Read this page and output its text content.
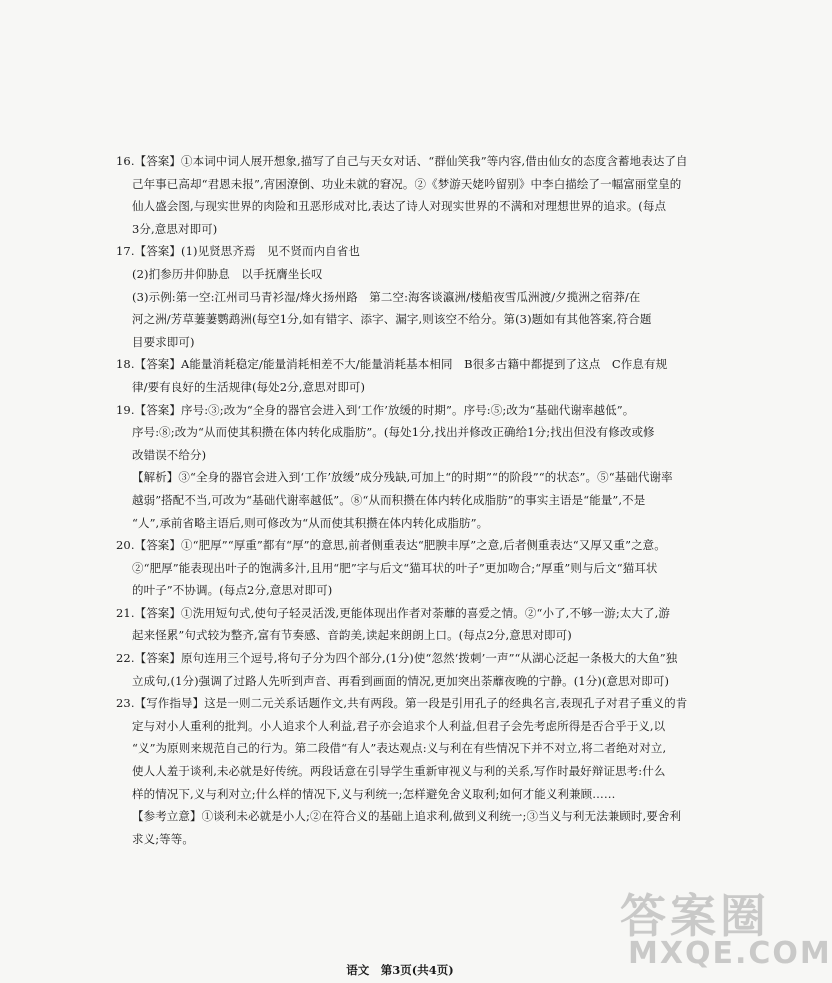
16.【答案】①本词中词人展开想象,描写了自己与天女对话、“群仙笑我”等内容,借由仙女的态度含蓄地表达了自
己年事已高却“君恩未报”,宵困潦倒、功业未就的窘况。②《梦游天姥吟留别》中李白描绘了一幅富丽堂皇的
仙人盛会图,与现实世界的肉险和丑恶形成对比,表达了诗人对现实世界的不满和对理想世界的追求。(每点
3分,意思对即可)
17.【答案】(1)见贤思齐焉　见不贤而内自省也
(2)扪参历井仰胁息　以手抚膺坐长叹
(3)示例:第一空:江州司马青衫湿/烽火扬州路　第二空:海客谈瀛洲/楼船夜雪瓜洲渡/夕揽洲之宿莽/在
河之洲/芳草萋萋鹦鹉洲(每空1分,如有错字、添字、漏字,则该空不给分。第(3)题如有其他答案,符合题
目要求即可)
18.【答案】A能量消耗稳定/能量消耗相差不大/能量消耗基本相同　B很多古籍中都提到了这点　C作息有规
律/要有良好的生活规律(每处2分,意思对即可)
19.【答案】序号:③;改为“全身的器官会进入到‘工作’放缓的时期”。序号:⑤;改为“基础代谢率越低”。
序号:⑧;改为“从而使其积攒在体内转化成脂肪”。(每处1分,找出并修改正确给1分;找出但没有修改或修
改错误不给分)
【解析】③“全身的器官会进入到‘工作’放缓”成分残缺,可加上“的时期”“的阶段”“的状态”。⑤“基础代谢率
越弱”搭配不当,可改为“基础代谢率越低”。⑧“从而积攒在体内转化成脂肪”的事实主语是“能量”,不是
“人”,承前省略主语后,则可修改为“从而使其积攒在体内转化成脂肪”。
20.【答案】①“肥厚”“厚重”都有“厚”的意思,前者侧重表达“肥腴丰厚”之意,后者侧重表达“又厚又重”之意。
②“肥厚”能表现出叶子的饱满多汁,且用“肥”字与后文“猫耳状的叶子”更加吻合;“厚重”则与后文“猫耳状
的叶子”不协调。(每点2分,意思对即可)
21.【答案】①洗用短句式,使句子轻灵活泼,更能体现出作者对荼蘼的喜爱之情。②“小了,不够一游;太大了,游
起来怪累”句式较为整齐,富有节奏感、音韵美,读起来朗朗上口。(每点2分,意思对即可)
22.【答案】原句连用三个逗号,将句子分为四个部分,(1分)使“忽然‘拨刺’一声”“从湖心泛起一条极大的大鱼”独
立成句,(1分)强调了过路人先听到声音、再看到画面的情况,更加突出荼蘼夜晚的宁静。(1分)(意思对即可)
23.【写作指导】这是一则二元关系话题作文,共有两段。第一段是引用孔子的经典名言,表现孔子对君子重义的肯
定与对小人重利的批判。小人追求个人利益,君子亦会追求个人利益,但君子会先考虑所得是否合乎于义,以
“义”为原则来规范自己的行为。第二段借“有人”表达观点:义与利在有些情况下并不对立,将二者绝对对立,
使人人羞于谈利,未必就是好传统。两段话意在引导学生重新审视义与利的关系,写作时最好辩证思考:什么
样的情况下,义与利对立;什么样的情况下,义与利统一;怎样避免舍义取利;如何才能义利兼顾……
【参考立意】①谈利未必就是小人;②在符合义的基础上追求利,做到义利统一;③当义与利无法兼顾时,要舍利
求义;等等。
语文　第3页(共4页)
答案圈
MXQE.COM
